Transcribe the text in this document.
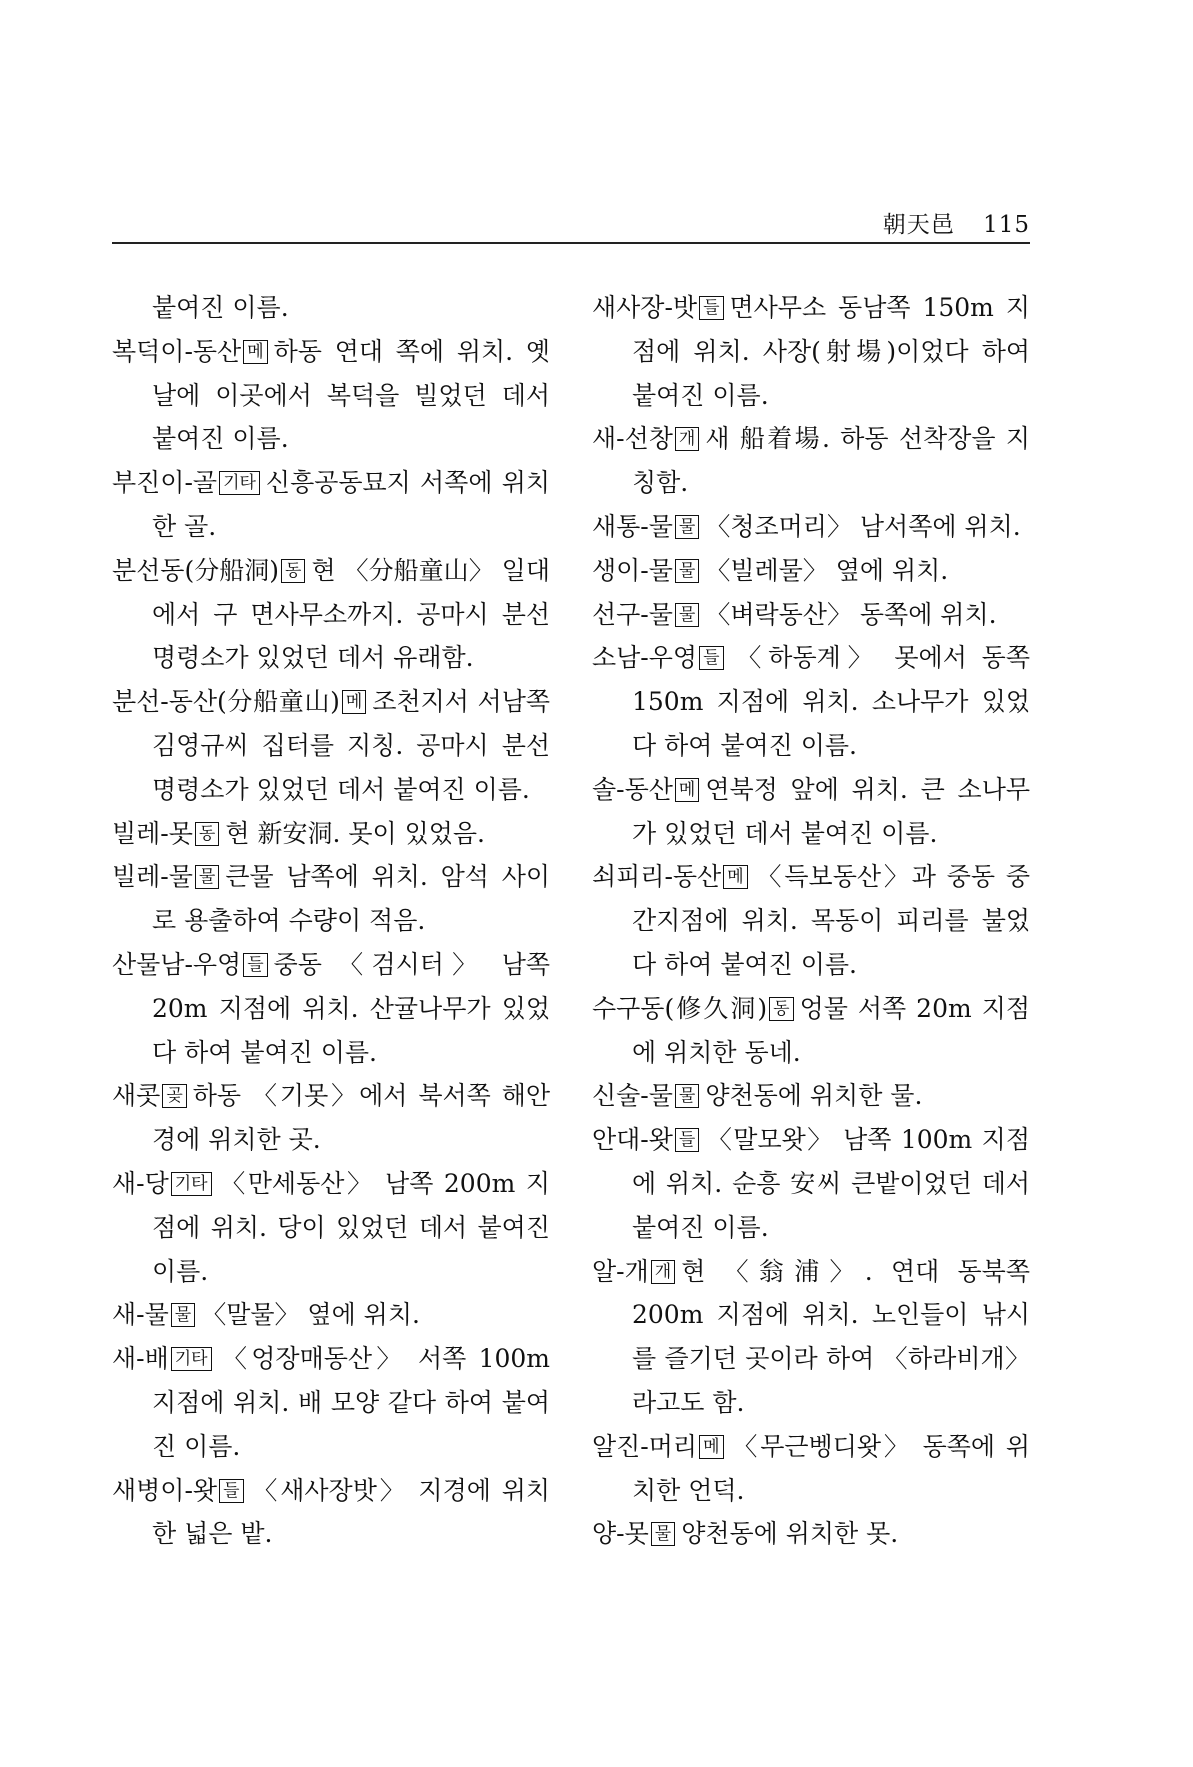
朝天邑 115
붙여진 이름.
복덕이-동산 메 하동 연대 쪽에 위치. 옛날에 이곳에서 복덕을 빌었던 데서 붙여진 이름.
부진이-골 기타 신흥공동묘지 서쪽에 위치한 골.
분선동(分船洞) 동 현 〈分船童山〉 일대에서 구 면사무소까지. 공마시 분선 명령소가 있었던 데서 유래함.
분선-동산(分船童山) 메 조천지서 서남쪽 김영규씨 집터를 지칭. 공마시 분선 명령소가 있었던 데서 붙여진 이름.
빌레-못 동 현 新安洞. 못이 있었음.
빌레-물 물 큰물 남쪽에 위치. 암석 사이로 용출하여 수량이 적음.
산물남-우영 들 중동 〈검시터〉 남쪽 20m 지점에 위치. 산귤나무가 있었다 하여 붙여진 이름.
새콧 곶 하동 〈기못〉에서 북서쪽 해안 경에 위치한 곳.
새-당 기타 〈만세동산〉 남쪽 200m 지점에 위치. 당이 있었던 데서 붙여진 이름.
새-물 물 〈말물〉 옆에 위치.
새-배 기타 〈엉장매동산〉 서쪽 100m 지점에 위치. 배 모양 같다 하여 붙여진 이름.
새병이-왓 들 〈새사장밧〉 지경에 위치한 넓은 밭.
새사장-밧 들 면사무소 동남쪽 150m 지점에 위치. 사장(射場)이었다 하여 붙여진 이름.
새-선창 개 새 船着場. 하동 선착장을 지칭함.
새통-물 물 〈청조머리〉 남서쪽에 위치.
생이-물 물 〈빌레물〉 옆에 위치.
선구-물 물 〈벼락동산〉 동쪽에 위치.
소남-우영 들 〈하동계〉 못에서 동쪽 150m 지점에 위치. 소나무가 있었다 하여 붙여진 이름.
솔-동산 메 연북정 앞에 위치. 큰 소나무가 있었던 데서 붙여진 이름.
쇠피리-동산 메 〈득보동산〉과 중동 중간지점에 위치. 목동이 피리를 불었다 하여 붙여진 이름.
수구동(修久洞) 동 엉물 서쪽 20m 지점에 위치한 동네.
신술-물 물 양천동에 위치한 물.
안대-왓 들 〈말모왓〉 남쪽 100m 지점에 위치. 순흥 安씨 큰밭이었던 데서 붙여진 이름.
알-개 개 현 〈翁浦〉. 연대 동북쪽 200m 지점에 위치. 노인들이 낚시를 즐기던 곳이라 하여 〈하라비개〉라고도 함.
알진-머리 메 〈무근벵디왓〉 동쪽에 위치한 언덕.
양-못 물 양천동에 위치한 못.
